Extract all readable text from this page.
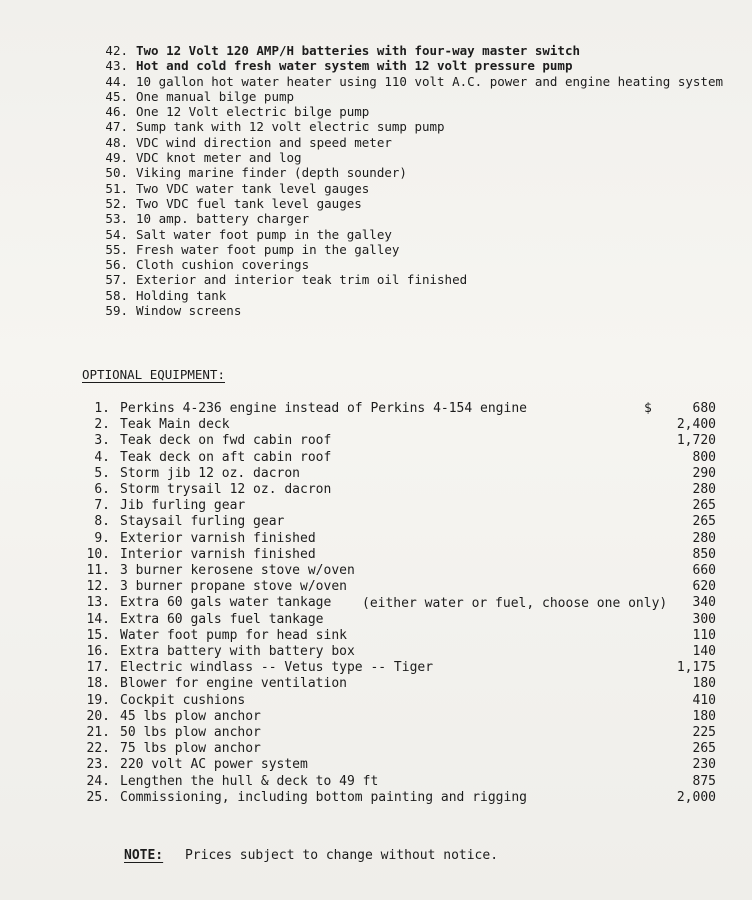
42. Two 12 Volt 120 AMP/H batteries with four-way master switch
43. Hot and cold fresh water system with 12 volt pressure pump
44. 10 gallon hot water heater using 110 volt A.C. power and engine heating system
45. One manual bilge pump
46. One 12 Volt electric bilge pump
47. Sump tank with 12 volt electric sump pump
48. VDC wind direction and speed meter
49. VDC knot meter and log
50. Viking marine finder (depth sounder)
51. Two VDC water tank level gauges
52. Two VDC fuel tank level gauges
53. 10 amp. battery charger
54. Salt water foot pump in the galley
55. Fresh water foot pump in the galley
56. Cloth cushion coverings
57. Exterior and interior teak trim oil finished
58. Holding tank
59. Window screens
OPTIONAL EQUIPMENT:
1. Perkins 4-236 engine instead of Perkins 4-154 engine	$	680
2. Teak Main deck	2,400
3. Teak deck on fwd cabin roof	1,720
4. Teak deck on aft cabin roof	800
5. Storm jib 12 oz. dacron	290
6. Storm trysail 12 oz. dacron	280
7. Jib furling gear	265
8. Staysail furling gear	265
9. Exterior varnish finished	280
10. Interior varnish finished	850
11. 3 burner kerosene stove w/oven	660
12. 3 burner propane stove w/oven	620
13. Extra 60 gals water tankage	340
14. Extra 60 gals fuel tankage	300
15. Water foot pump for head sink	110
16. Extra battery with battery box	140
17. Electric windlass -- Vetus type -- Tiger	1,175
18. Blower for engine ventilation	180
19. Cockpit cushions	410
20. 45 lbs plow anchor	180
21. 50 lbs plow anchor	225
22. 75 lbs plow anchor	265
23. 220 volt AC power system	230
24. Lengthen the hull & deck to 49 ft	875
25. Commissioning, including bottom painting and rigging	2,000
(either water or fuel, choose one only)
NOTE: Prices subject to change without notice.
